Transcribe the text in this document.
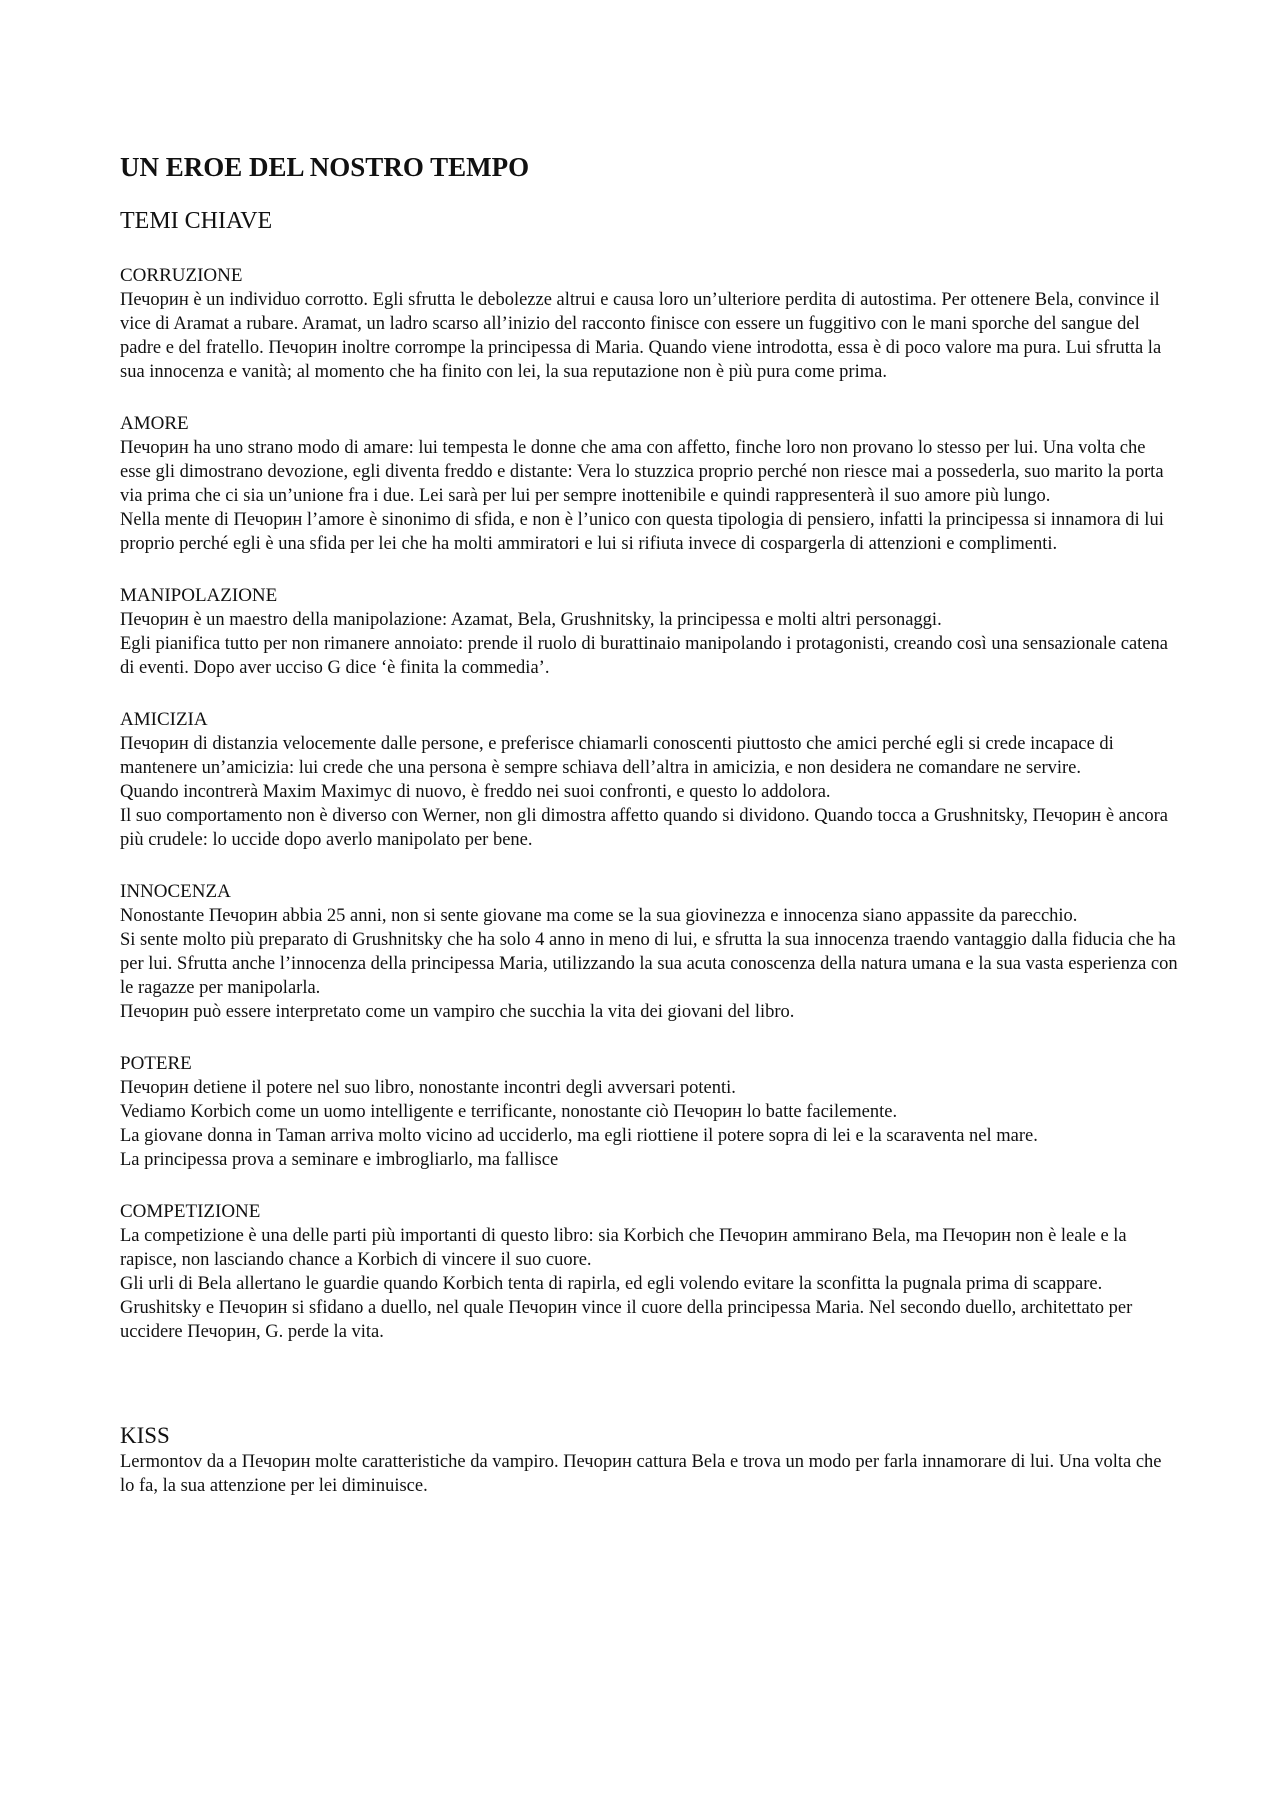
UN EROE DEL NOSTRO TEMPO
TEMI CHIAVE
CORRUZIONE

Печорин è un individuo corrotto. Egli sfrutta le debolezze altrui e causa loro un’ulteriore perdita di autostima. Per ottenere Bela, convince il vice di Aramat a rubare. Aramat, un ladro scarso all’inizio del racconto finisce con essere un fuggitivo con le mani sporche del sangue del padre e del fratello. Печорин inoltre corrompe la principessa di Maria. Quando viene introdotta, essa è di poco valore ma pura. Lui sfrutta la sua innocenza e vanità; al momento che ha finito con lei, la sua reputazione non è più pura come prima.

AMORE

Печорин ha uno strano modo di amare: lui tempesta le donne che ama con affetto, finche loro non provano lo stesso per lui. Una volta che esse gli dimostrano devozione, egli diventa freddo e distante: Vera lo stuzzica proprio perché non riesce mai a possederla, suo marito la porta via prima che ci sia un’unione fra i due. Lei sarà per lui per sempre inottenibile e quindi rappresenterà il suo amore più lungo.

Nella mente di Печорин l’amore è sinonimo di sfida, e non è l’unico con questa tipologia di pensiero, infatti la principessa si innamora di lui proprio perché egli è una sfida per lei che ha molti ammiratori e lui si rifiuta invece di cospargerla di attenzioni e complimenti.

MANIPOLAZIONE

Печорин è un maestro della manipolazione: Azamat, Bela, Grushnitsky, la principessa e molti altri personaggi.

Egli pianifica tutto per non rimanere annoiato: prende il ruolo di burattinaio manipolando i protagonisti, creando così una sensazionale catena di eventi. Dopo aver ucciso G dice ‘è finita la commedia’.

AMICIZIA

Печорин di distanzia velocemente dalle persone, e preferisce chiamarli conoscenti piuttosto che amici perché egli si crede incapace di mantenere un’amicizia: lui crede che una persona è sempre schiava dell’altra in amicizia, e non desidera ne comandare ne servire.

Quando incontrerà Maxim Maximyc di nuovo, è freddo nei suoi confronti, e questo lo addolora.

Il suo comportamento non è diverso con Werner, non gli dimostra affetto quando si dividono. Quando tocca a Grushnitsky, Печорин è ancora più crudele: lo uccide dopo averlo manipolato per bene.

INNOCENZA

Nonostante Печорин abbia 25 anni, non si sente giovane ma come se la sua giovinezza e innocenza siano appassite da parecchio.

Si sente molto più preparato di Grushnitsky che ha solo 4 anno in meno di lui, e sfrutta la sua innocenza traendo vantaggio dalla fiducia che ha per lui. Sfrutta anche l’innocenza della principessa Maria, utilizzando la sua acuta conoscenza della natura umana e la sua vasta esperienza con le ragazze per manipolarla.

Печорин può essere interpretato come un vampiro che succhia la vita dei giovani del libro.

POTERE

Печорин detiene il potere nel suo libro, nonostante incontri degli avversari potenti.

Vediamo Korbich come un uomo intelligente e terrificante, nonostante ciò Печорин lo batte facilemente.

La giovane donna in Taman arriva molto vicino ad ucciderlo, ma egli riottiene il potere sopra di lei e la scaraventa nel mare.

La principessa prova a seminare e imbrogliarlo, ma fallisce

COMPETIZIONE

La competizione è una delle parti più importanti di questo libro: sia Korbich che Печорин ammirano Bela, ma Печорин non è leale e la rapisce, non lasciando chance a Korbich di vincere il suo cuore.

Gli urli di Bela allertano le guardie quando Korbich tenta di rapirla, ed egli volendo evitare la sconfitta la pugnala prima di scappare.

Grushitsky e Печорин si sfidano a duello, nel quale Печорин vince il cuore della principessa Maria. Nel secondo duello, architettato per uccidere Печорин, G. perde la vita.

KISS

Lermontov da a Печорин molte caratteristiche da vampiro. Печорин cattura Bela e trova un modo per farla innamorare di lui. Una volta che lo fa, la sua attenzione per lei diminuisce.
